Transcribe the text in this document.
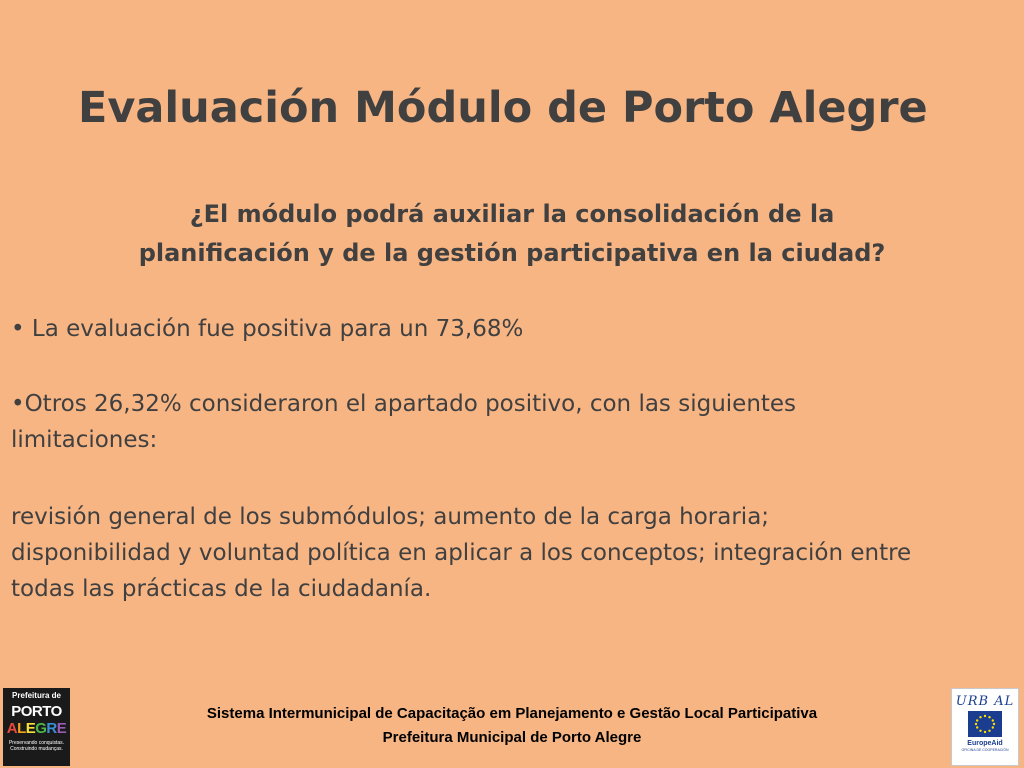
Evaluación Módulo de Porto Alegre
¿El módulo podrá auxiliar la consolidación de la
planificación y de la gestión participativa en la ciudad?
• La evaluación fue positiva para un 73,68%
•Otros 26,32% consideraron el apartado positivo, con las siguientes
limitaciones:
revisión general de los submódulos; aumento de la carga horaria;
disponibilidad y voluntad política en aplicar a los conceptos; integración entre
todas las prácticas de la ciudadanía.
Sistema Intermunicipal de Capacitação em Planejamento e Gestão Local Participativa
Prefeitura Municipal de Porto Alegre
Prefeitura de
PORTO
ALEGRE
Preservando conquistas.
Construindo mudanças.
URB AL
EuropeAid
OFICINA DE COOPERACIÓN
